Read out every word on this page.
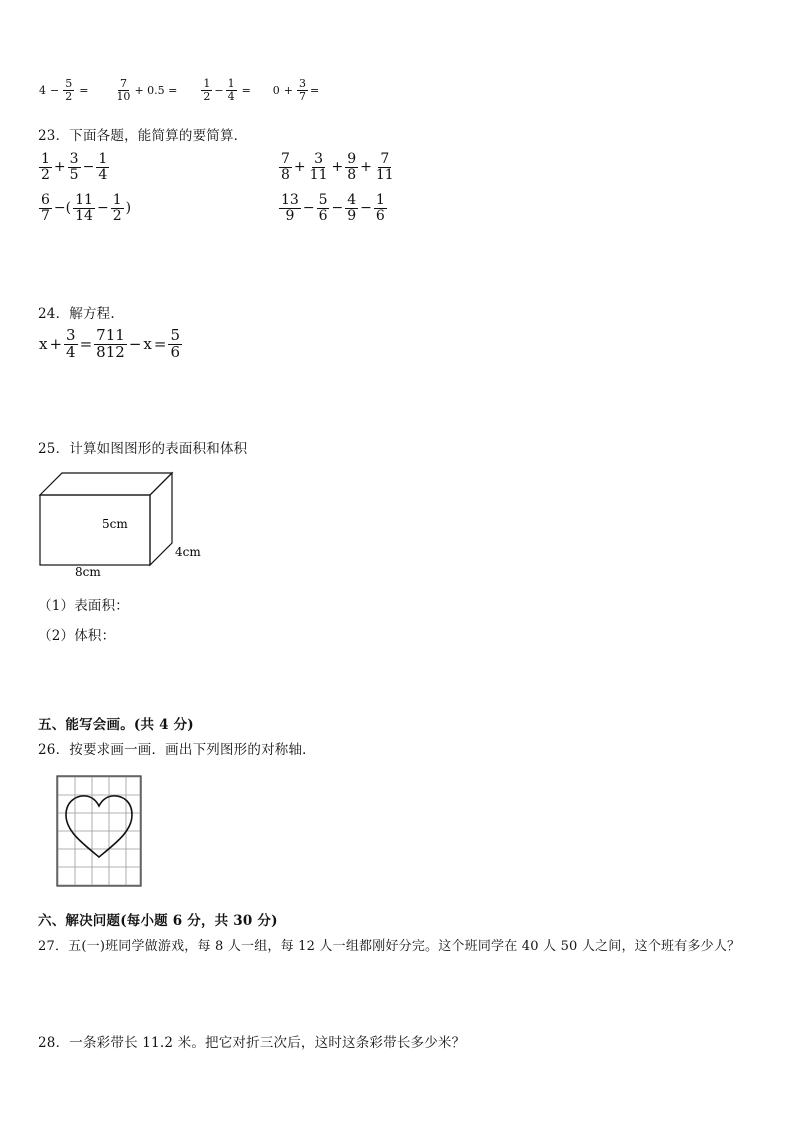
$4 - \frac{5}{2} = \frac{7}{10} + 0.5 = \frac{1}{2} - \frac{1}{4} = 0 + \frac{3}{7}$ =
23．下面各题，能简算的要简算．
$\frac{1}{2} + \frac{3}{5} - \frac{1}{4}$	$\frac{7}{8} + \frac{3}{11} + \frac{9}{8} + \frac{7}{11}$
$\frac{6}{7}$ −( $\frac{11}{14} - \frac{1}{2}$ )	$\frac{13}{9} - \frac{5}{6} - \frac{4}{9} - \frac{1}{6}$
24．解方程.
$x + \frac{3}{4} = \frac{711}{812} - x = \frac{5}{6}$
25．计算如图图形的表面积和体积
5cm
4cm
8cm
（1）表面积：
（2）体积：
五、能写会画。(共 4 分)
26．按要求画一画．画出下列图形的对称轴．
六、解决问题(每小题 6 分，共 30 分)
27．五(一)班同学做游戏，每 8 人一组，每 12 人一组都刚好分完。这个班同学在 40 人 50 人之间，这个班有多少人？
28．一条彩带长 11.2 米。把它对折三次后，这时这条彩带长多少米？
